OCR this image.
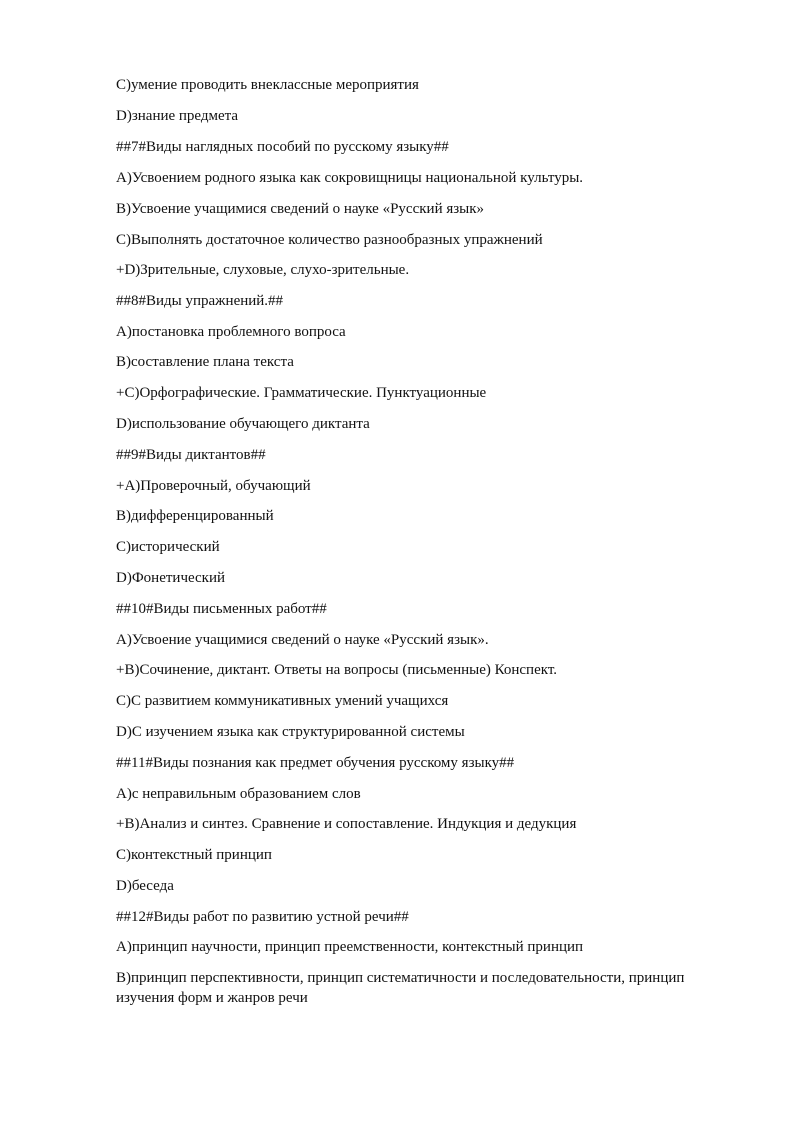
C)умение проводить внеклассные мероприятия
D)знание предмета
##7#Виды наглядных пособий по русскому языку##
A)Усвоением родного языка как сокровищницы национальной культуры.
B)Усвоение учащимися сведений о науке «Русский язык»
C)Выполнять достаточное количество разнообразных упражнений
+D)Зрительные, слуховые, слухо-зрительные.
##8#Виды упражнений.##
A)постановка проблемного вопроса
B)составление плана текста
+C)Орфографические. Грамматические. Пунктуационные
D)использование обучающего диктанта
##9#Виды диктантов##
+A)Проверочный, обучающий
B)дифференцированный
C)исторический
D)Фонетический
##10#Виды письменных работ##
A)Усвоение учащимися сведений о науке «Русский язык».
+B)Сочинение, диктант. Ответы на вопросы (письменные) Конспект.
C)С развитием коммуникативных умений учащихся
D)С изучением языка как структурированной системы
##11#Виды познания как предмет обучения русскому языку##
A)с неправильным образованием слов
+B)Анализ и синтез. Сравнение и сопоставление. Индукция и дедукция
C)контекстный принцип
D)беседа
##12#Виды работ по развитию устной речи##
A)принцип научности, принцип преемственности, контекстный принцип
B)принцип перспективности, принцип систематичности и последовательности, принцип изучения форм и жанров речи
